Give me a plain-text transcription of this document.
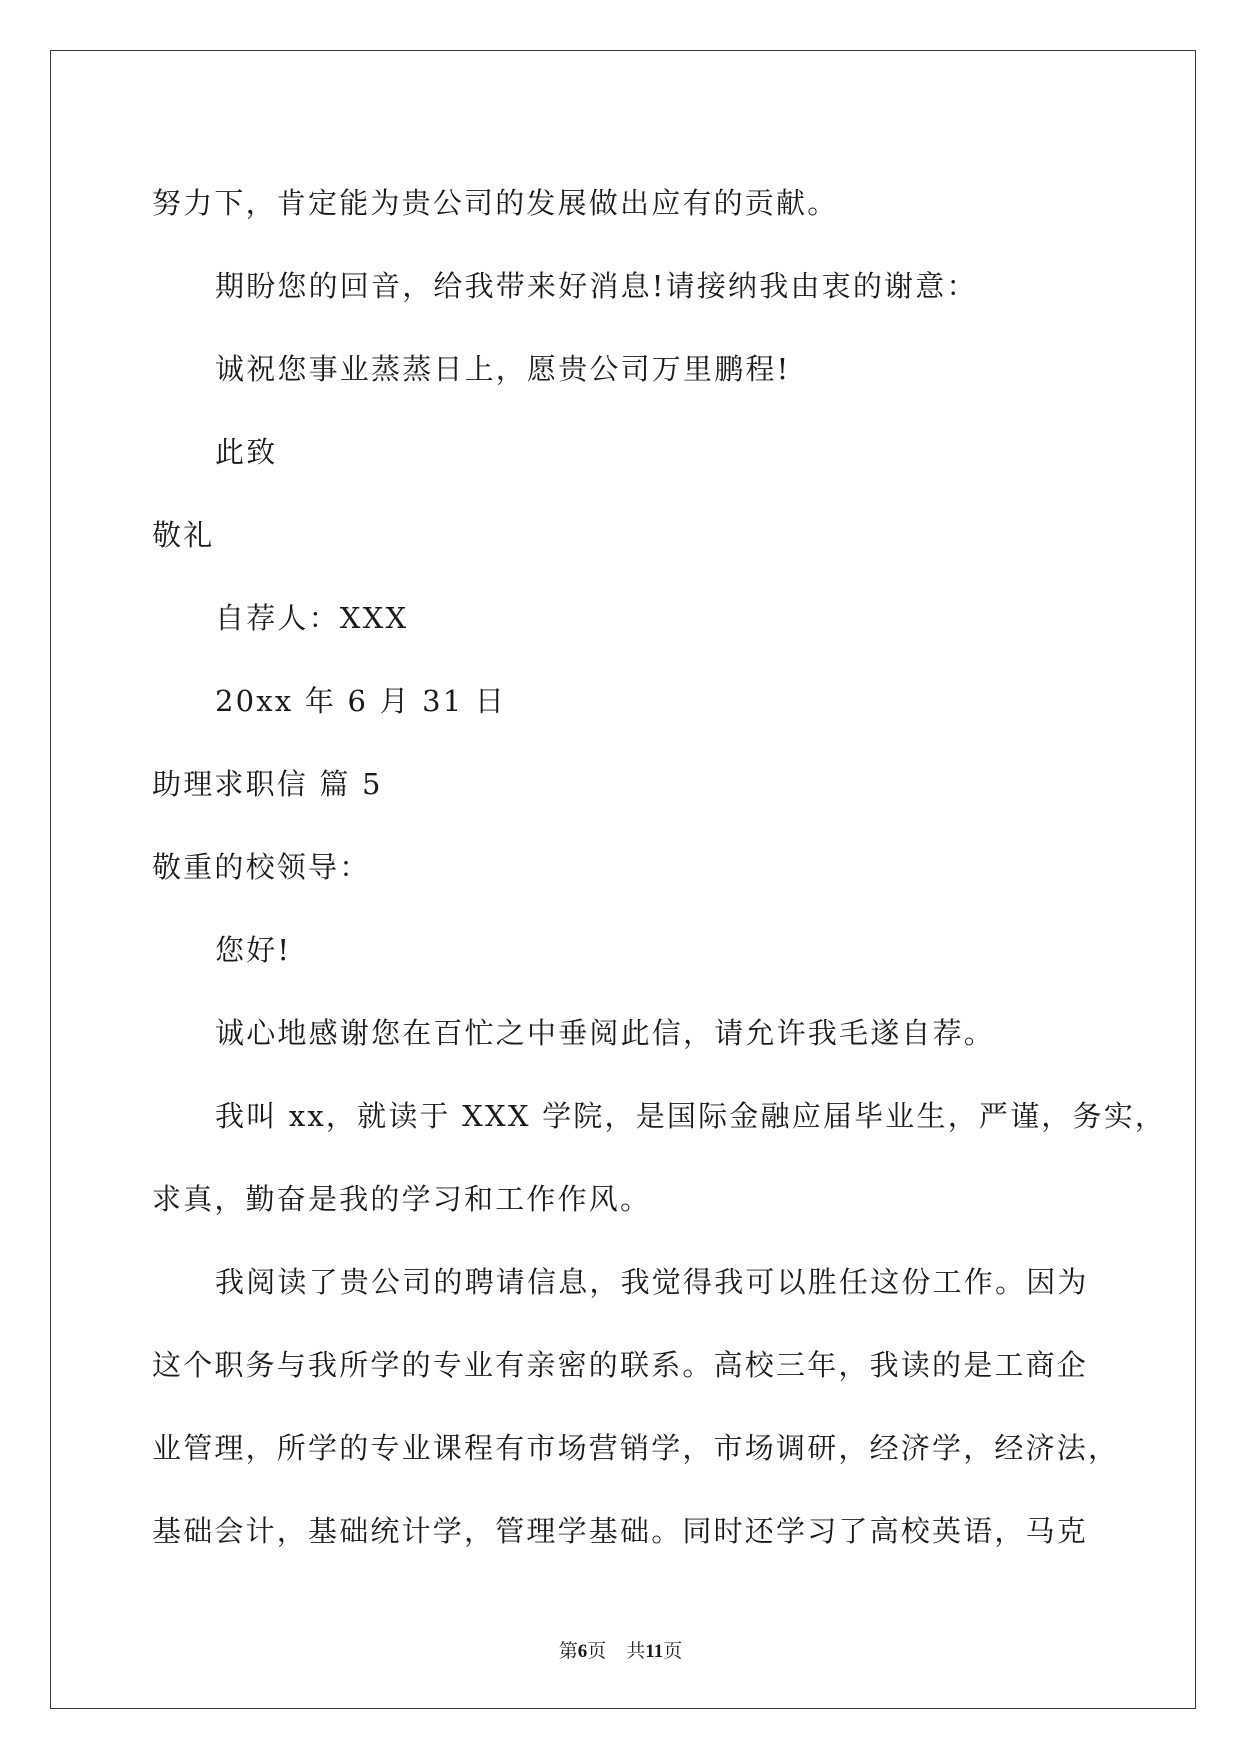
努力下，肯定能为贵公司的发展做出应有的贡献。
期盼您的回音，给我带来好消息!请接纳我由衷的谢意：
诚祝您事业蒸蒸日上，愿贵公司万里鹏程!
此致
敬礼
自荐人：XXX
20xx 年 6 月 31 日
助理求职信 篇 5
敬重的校领导：
您好!
诚心地感谢您在百忙之中垂阅此信，请允许我毛遂自荐。
我叫 xx，就读于 XXX 学院，是国际金融应届毕业生，严谨，务实，
求真，勤奋是我的学习和工作作风。
我阅读了贵公司的聘请信息，我觉得我可以胜任这份工作。因为
这个职务与我所学的专业有亲密的联系。高校三年，我读的是工商企
业管理，所学的专业课程有市场营销学，市场调研，经济学，经济法，
基础会计，基础统计学，管理学基础。同时还学习了高校英语，马克
第6页 共11页
